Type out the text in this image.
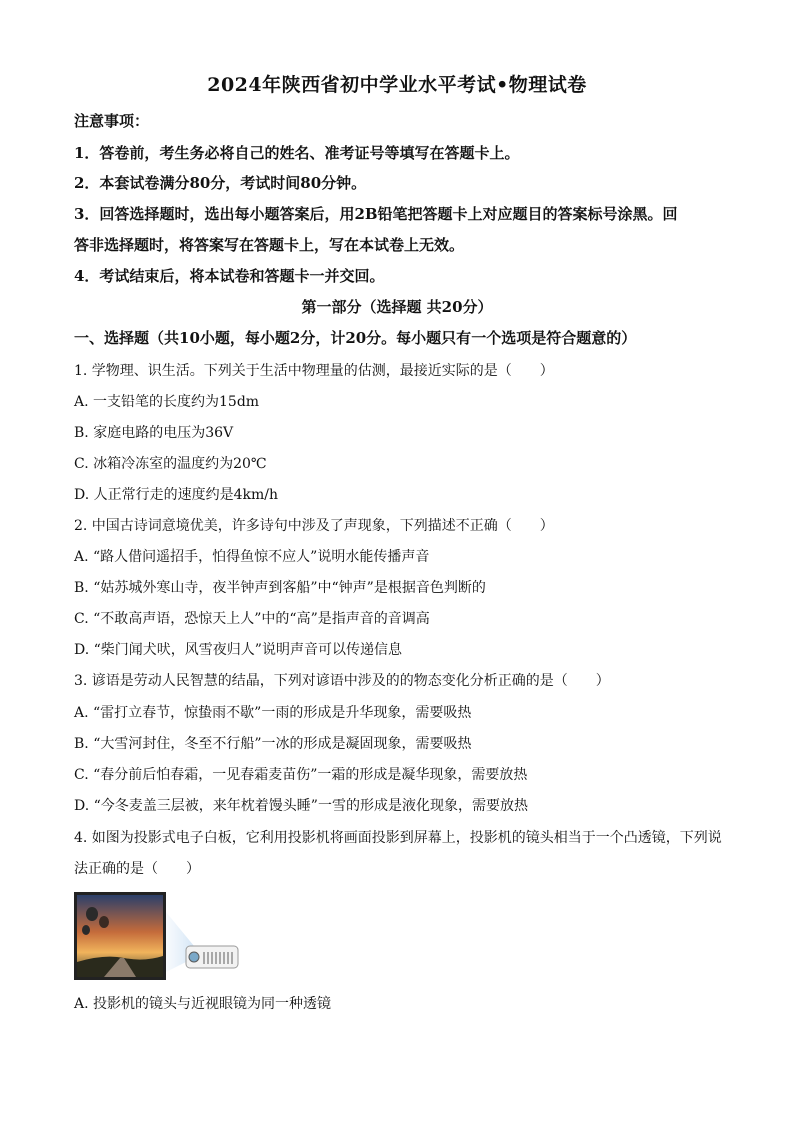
2024年陕西省初中学业水平考试•物理试卷
注意事项：
1．答卷前，考生务必将自己的姓名、准考证号等填写在答题卡上。
2．本套试卷满分80分，考试时间80分钟。
3．回答选择题时，选出每小题答案后，用2B铅笔把答题卡上对应题目的答案标号涂黑。回
答非选择题时，将答案写在答题卡上，写在本试卷上无效。
4．考试结束后，将本试卷和答题卡一并交回。
第一部分（选择题 共20分）
一、选择题（共10小题，每小题2分，计20分。每小题只有一个选项是符合题意的）
1. 学物理、识生活。下列关于生活中物理量的估测，最接近实际的是（　　）
A. 一支铅笔的长度约为15dm
B. 家庭电路的电压为36V
C. 冰箱冷冻室的温度约为20℃
D. 人正常行走的速度约是4km/h
2. 中国古诗词意境优美，许多诗句中涉及了声现象，下列描述不正确（　　）
A. “路人借问遥招手，怕得鱼惊不应人”说明水能传播声音
B. “姑苏城外寒山寺，夜半钟声到客船”中“钟声”是根据音色判断的
C. “不敢高声语，恐惊天上人”中的“高”是指声音的音调高
D. “柴门闻犬吠，风雪夜归人”说明声音可以传递信息
3. 谚语是劳动人民智慧的结晶，下列对谚语中涉及的的物态变化分析正确的是（　　）
A. “雷打立春节，惊蛰雨不歇”一雨的形成是升华现象，需要吸热
B. “大雪河封住，冬至不行船”一冰的形成是凝固现象，需要吸热
C. “春分前后怕春霜，一见春霜麦苗伤”一霜的形成是凝华现象，需要放热
D. “今冬麦盖三层被，来年枕着馒头睡”一雪的形成是液化现象，需要放热
4. 如图为投影式电子白板，它利用投影机将画面投影到屏幕上，投影机的镜头相当于一个凸透镜，下列说
法正确的是（　　）
A. 投影机的镜头与近视眼镜为同一种透镜
